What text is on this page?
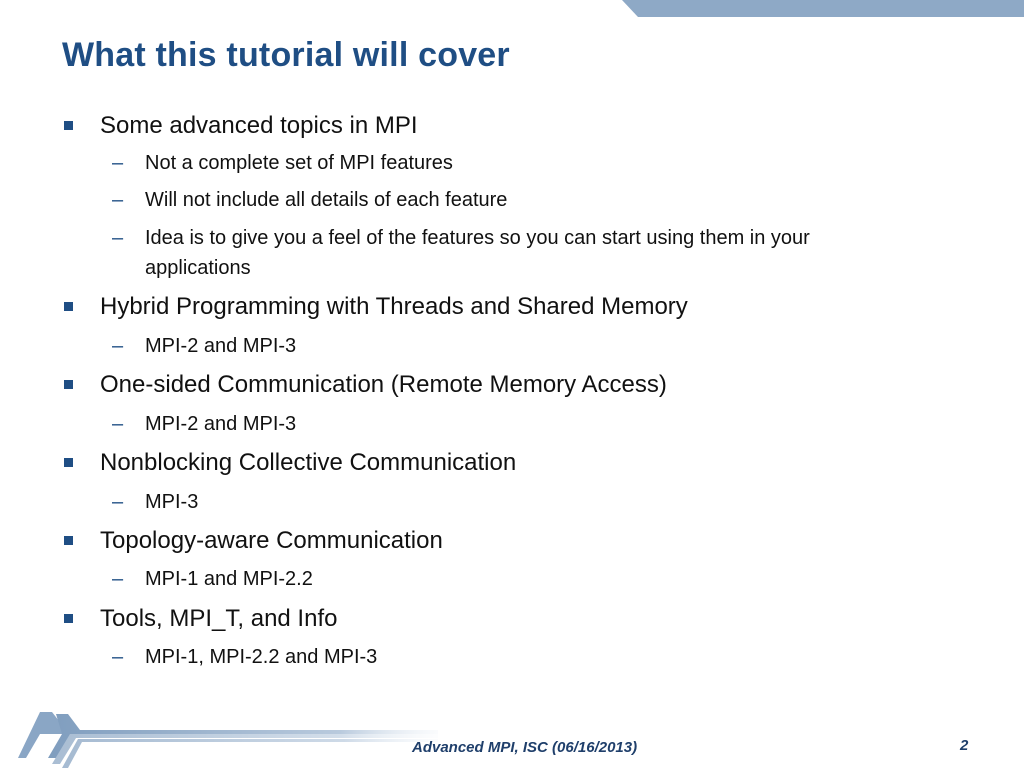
What this tutorial will cover
Some advanced topics in MPI
– Not a complete set of MPI features
– Will not include all details of each feature
– Idea is to give you a feel of the features so you can start using them in your
applications
Hybrid Programming with Threads and Shared Memory
– MPI-2 and MPI-3
One-sided Communication (Remote Memory Access)
– MPI-2 and MPI-3
Nonblocking Collective Communication
– MPI-3
Topology-aware Communication
– MPI-1 and MPI-2.2
Tools, MPI_T, and Info
– MPI-1, MPI-2.2 and MPI-3
Advanced MPI, ISC (06/16/2013)	2
